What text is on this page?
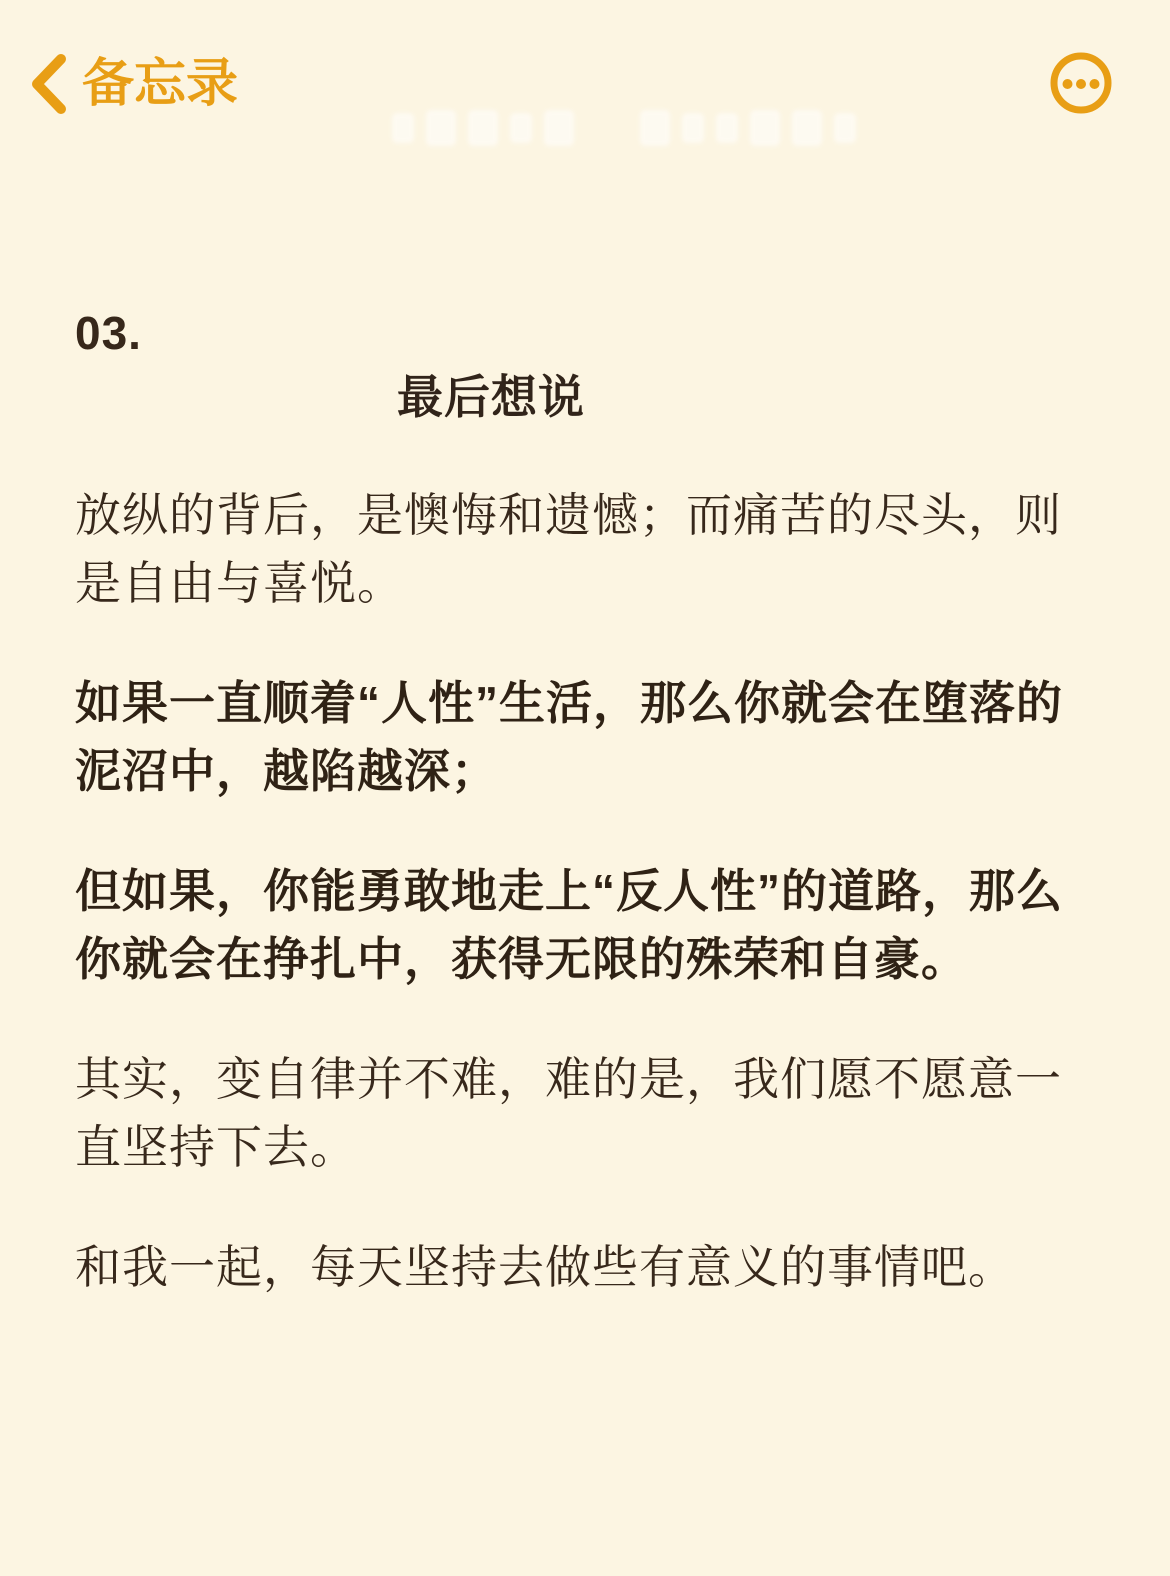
备忘录
03.
最后想说
放纵的背后，是懊悔和遗憾；而痛苦的尽头，则是自由与喜悦。
如果一直顺着“人性”生活，那么你就会在堕落的泥沼中，越陷越深；
但如果，你能勇敢地走上“反人性”的道路，那么你就会在挣扎中，获得无限的殊荣和自豪。
其实，变自律并不难，难的是，我们愿不愿意一直坚持下去。
和我一起，每天坚持去做些有意义的事情吧。
